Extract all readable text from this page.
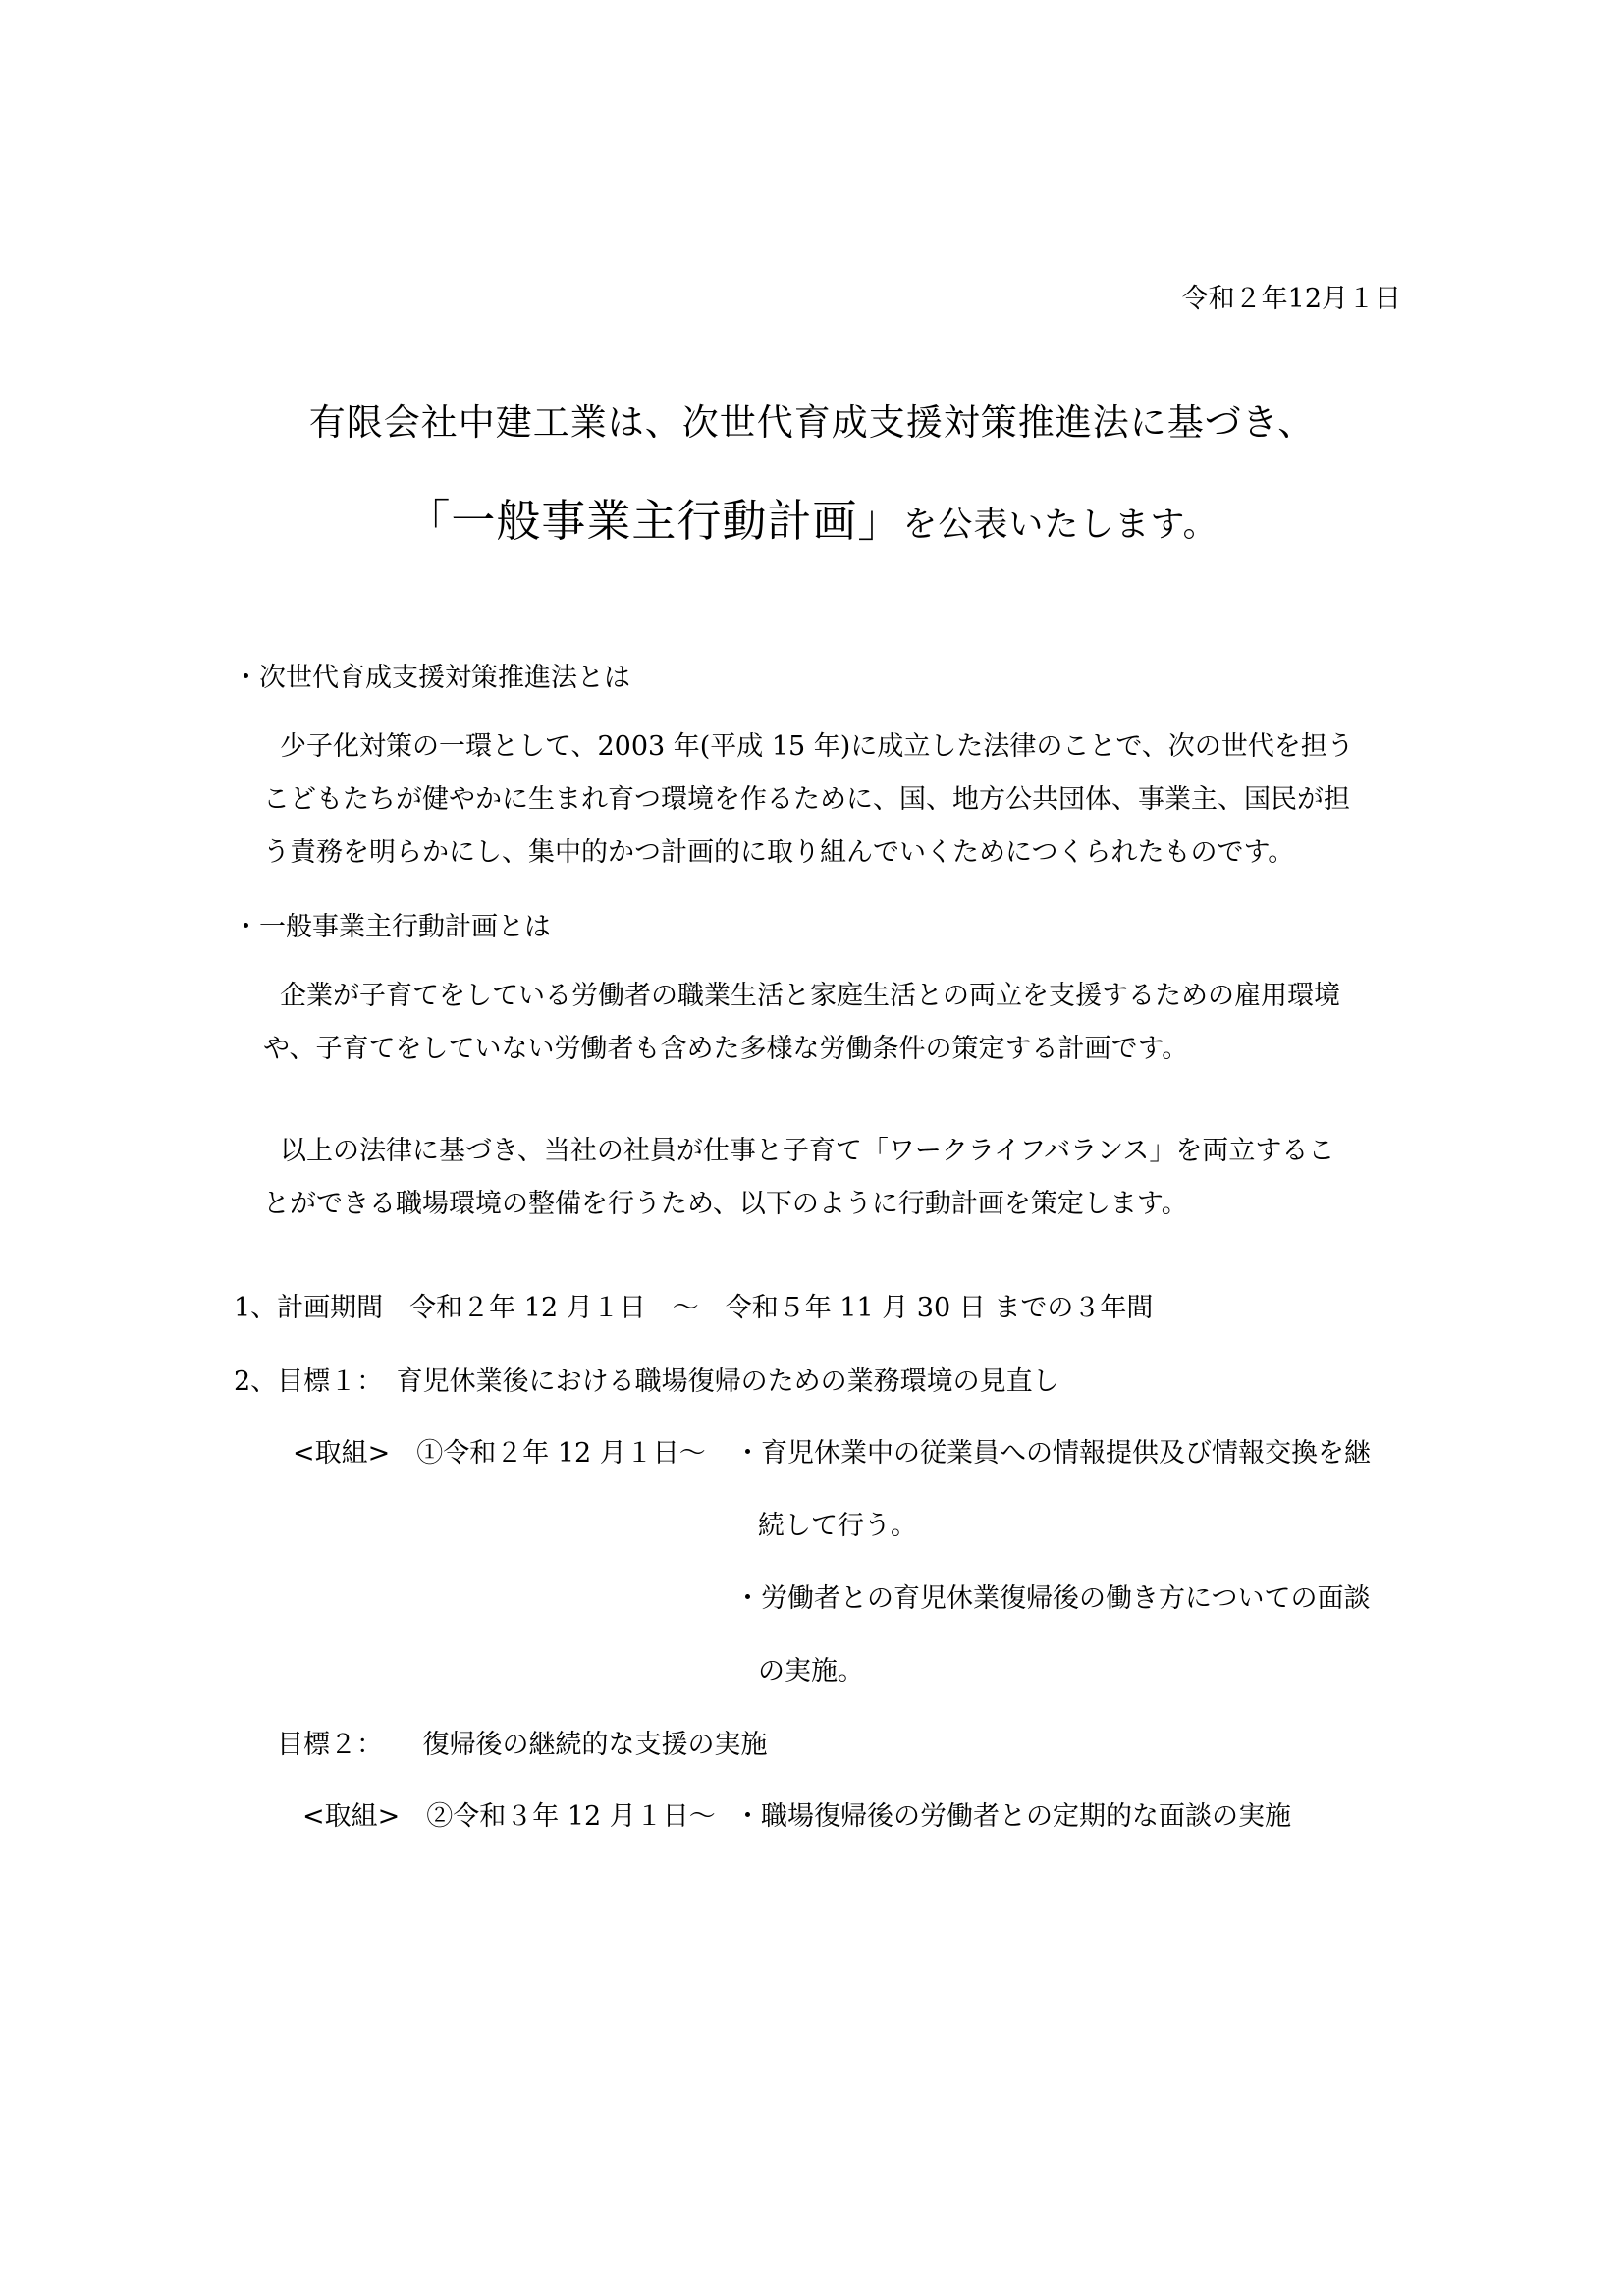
令和２年12月１日
有限会社中建工業は、次世代育成支援対策推進法に基づき、
「一般事業主行動計画」を公表いたします。
・次世代育成支援対策推進法とは
　少子化対策の一環として、2003 年(平成 15 年)に成立した法律のことで、次の世代を担う
こどもたちが健やかに生まれ育つ環境を作るために、国、地方公共団体、事業主、国民が担
う責務を明らかにし、集中的かつ計画的に取り組んでいくためにつくられたものです。
・一般事業主行動計画とは
　企業が子育てをしている労働者の職業生活と家庭生活との両立を支援するための雇用環境
や、子育てをしていない労働者も含めた多様な労働条件の策定する計画です。
　以上の法律に基づき、当社の社員が仕事と子育て「ワークライフバランス」を両立するこ
とができる職場環境の整備を行うため、以下のように行動計画を策定します。
1、計画期間　令和２年 12 月１日　～　令和５年 11 月 30 日 までの３年間
2、目標１：　育児休業後における職場復帰のための業務環境の見直し
<取組>　①令和２年 12 月１日～ ・育児休業中の従業員への情報提供及び情報交換を継
続して行う。
・労働者との育児休業復帰後の働き方についての面談
の実施。
目標２：　　復帰後の継続的な支援の実施
<取組>　②令和３年 12 月１日～ ・職場復帰後の労働者との定期的な面談の実施
